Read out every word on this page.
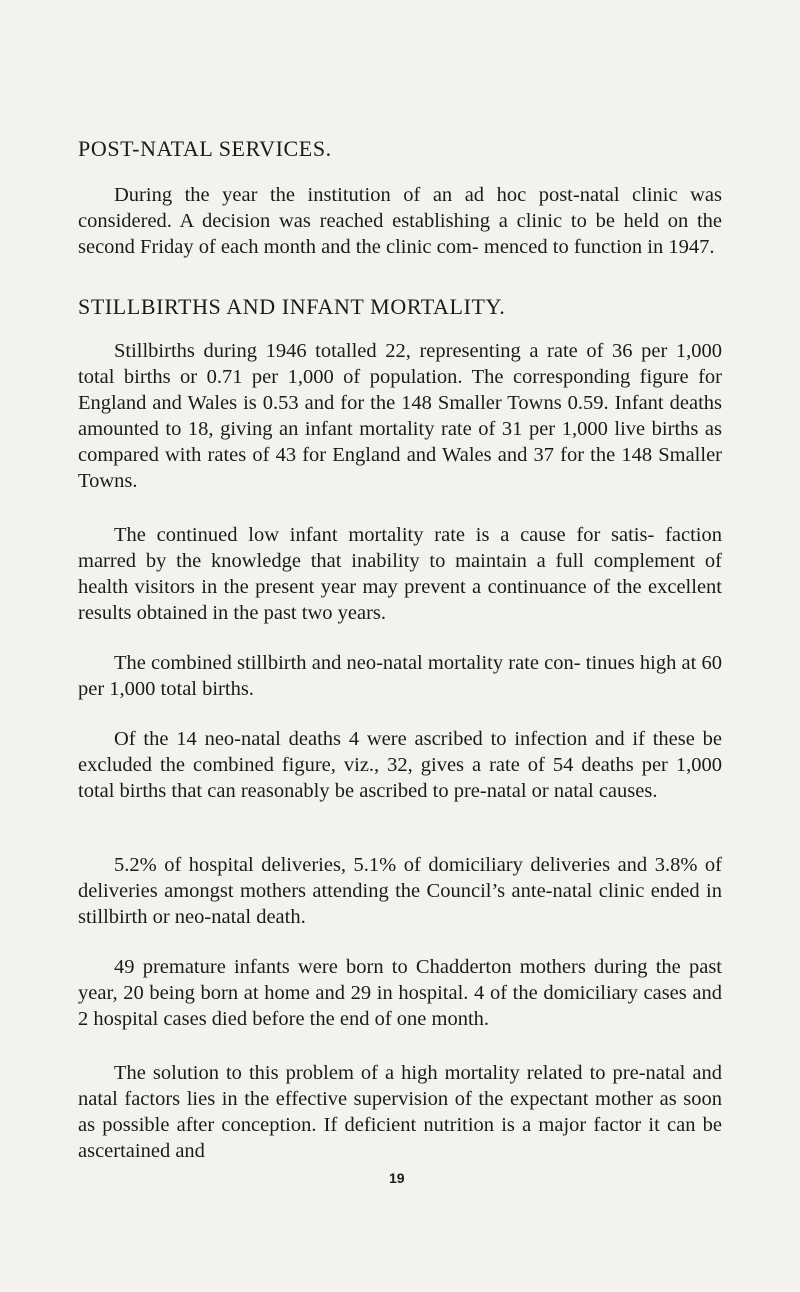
POST-NATAL SERVICES.

During the year the institution of an ad hoc post-natal clinic was considered. A decision was reached establishing a clinic to be held on the second Friday of each month and the clinic com- menced to function in 1947.

STILLBIRTHS AND INFANT MORTALITY.

Stillbirths during 1946 totalled 22, representing a rate of 36 per 1,000 total births or 0.71 per 1,000 of population. The corresponding figure for England and Wales is 0.53 and for the 148 Smaller Towns 0.59. Infant deaths amounted to 18, giving an infant mortality rate of 31 per 1,000 live births as compared with rates of 43 for England and Wales and 37 for the 148 Smaller Towns.

The continued low infant mortality rate is a cause for satis- faction marred by the knowledge that inability to maintain a full complement of health visitors in the present year may prevent a continuance of the excellent results obtained in the past two years.

The combined stillbirth and neo-natal mortality rate con- tinues high at 60 per 1,000 total births.

Of the 14 neo-natal deaths 4 were ascribed to infection and if these be excluded the combined figure, viz., 32, gives a rate of 54 deaths per 1,000 total births that can reasonably be ascribed to pre-natal or natal causes.

5.2% of hospital deliveries, 5.1% of domiciliary deliveries and 3.8% of deliveries amongst mothers attending the Council’s ante-natal clinic ended in stillbirth or neo-natal death.

49 premature infants were born to Chadderton mothers during the past year, 20 being born at home and 29 in hospital. 4 of the domiciliary cases and 2 hospital cases died before the end of one month.

The solution to this problem of a high mortality related to pre-natal and natal factors lies in the effective supervision of the expectant mother as soon as possible after conception. If deficient nutrition is a major factor it can be ascertained and

19
